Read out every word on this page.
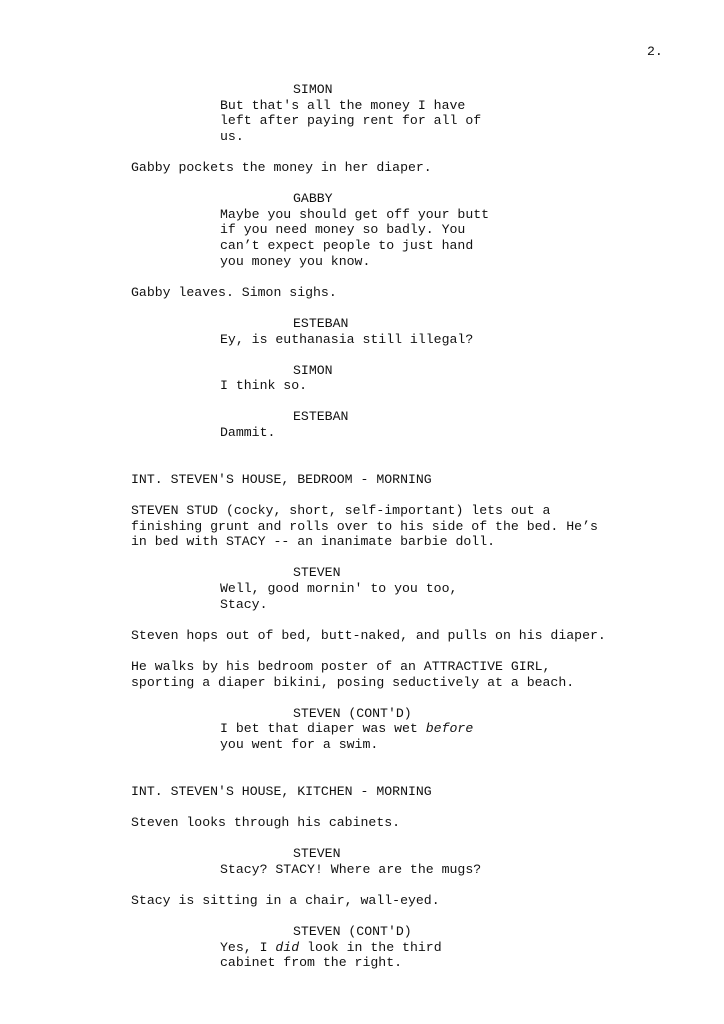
2.
SIMON
But that's all the money I have
left after paying rent for all of
us.
Gabby pockets the money in her diaper.
GABBY
Maybe you should get off your butt
if you need money so badly. You
can’t expect people to just hand
you money you know.
Gabby leaves. Simon sighs.
ESTEBAN
Ey, is euthanasia still illegal?
SIMON
I think so.
ESTEBAN
Dammit.
INT. STEVEN'S HOUSE, BEDROOM - MORNING
STEVEN STUD (cocky, short, self-important) lets out a
finishing grunt and rolls over to his side of the bed. He’s
in bed with STACY -- an inanimate barbie doll.
STEVEN
Well, good mornin' to you too,
Stacy.
Steven hops out of bed, butt-naked, and pulls on his diaper.
He walks by his bedroom poster of an ATTRACTIVE GIRL,
sporting a diaper bikini, posing seductively at a beach.
STEVEN (CONT'D)
I bet that diaper was wet before
you went for a swim.
INT. STEVEN'S HOUSE, KITCHEN - MORNING
Steven looks through his cabinets.
STEVEN
Stacy? STACY! Where are the mugs?
Stacy is sitting in a chair, wall-eyed.
STEVEN (CONT'D)
Yes, I did look in the third
cabinet from the right.
